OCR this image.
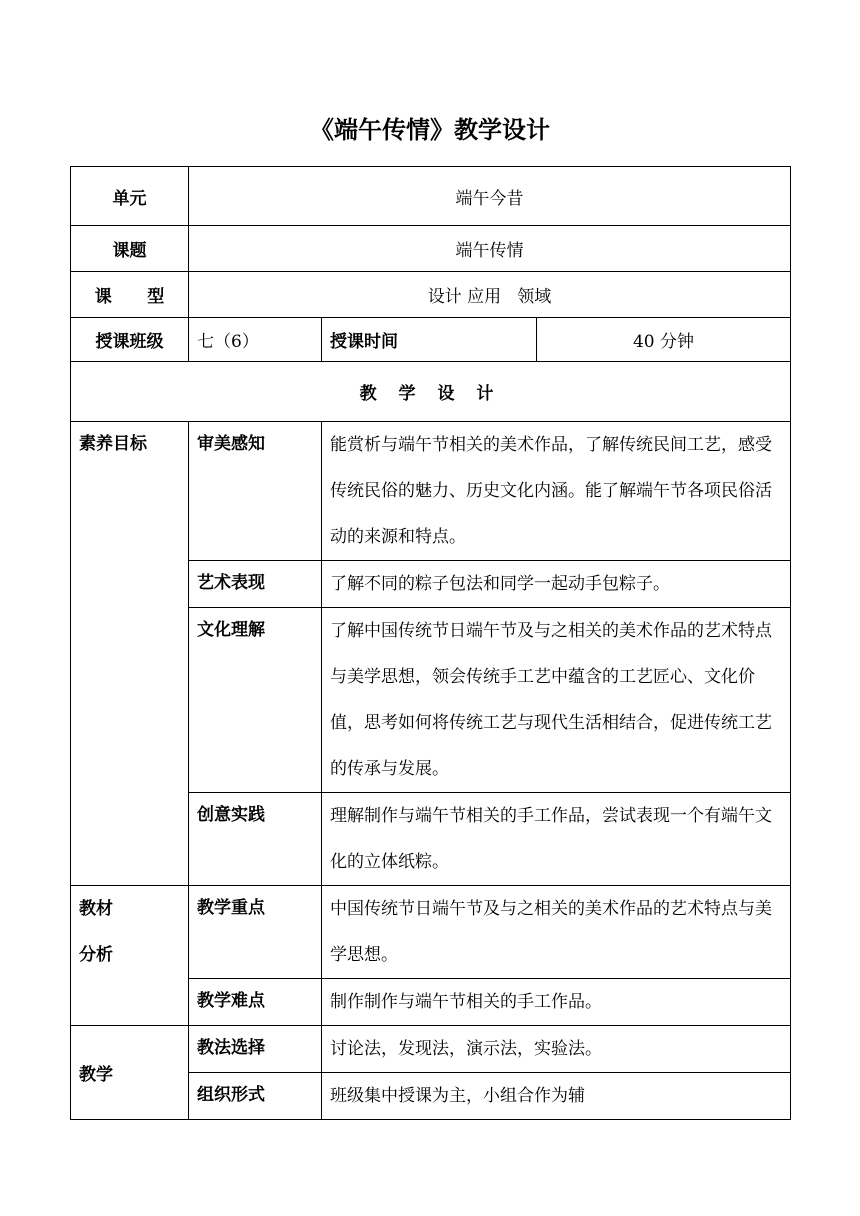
《端午传情》教学设计
单元	端午今昔		
课题	端午传情		
课      型	设计 应用   领域		
授课班级	七（6）	授课时间	40 分钟
教 学 设 计			
素养目标	审美感知	能赏析与端午节相关的美术作品，了解传统民间工艺，感受传统民俗的魅力、历史文化内涵。能了解端午节各项民俗活动的来源和特点。	
	艺术表现	了解不同的粽子包法和同学一起动手包粽子。	
	文化理解	了解中国传统节日端午节及与之相关的美术作品的艺术特点与美学思想，领会传统手工艺中蕴含的工艺匠心、文化价值，思考如何将传统工艺与现代生活相结合，促进传统工艺的传承与发展。	
	创意实践	理解制作与端午节相关的手工作品，尝试表现一个有端午文化的立体纸粽。	

教材
分析	教学重点	中国传统节日端午节及与之相关的美术作品的艺术特点与美学思想。	
	教学难点	制作制作与端午节相关的手工作品。	
教学	教法选择	讨论法，发现法，演示法，实验法。	
	组织形式	班级集中授课为主，小组合作为辅	
